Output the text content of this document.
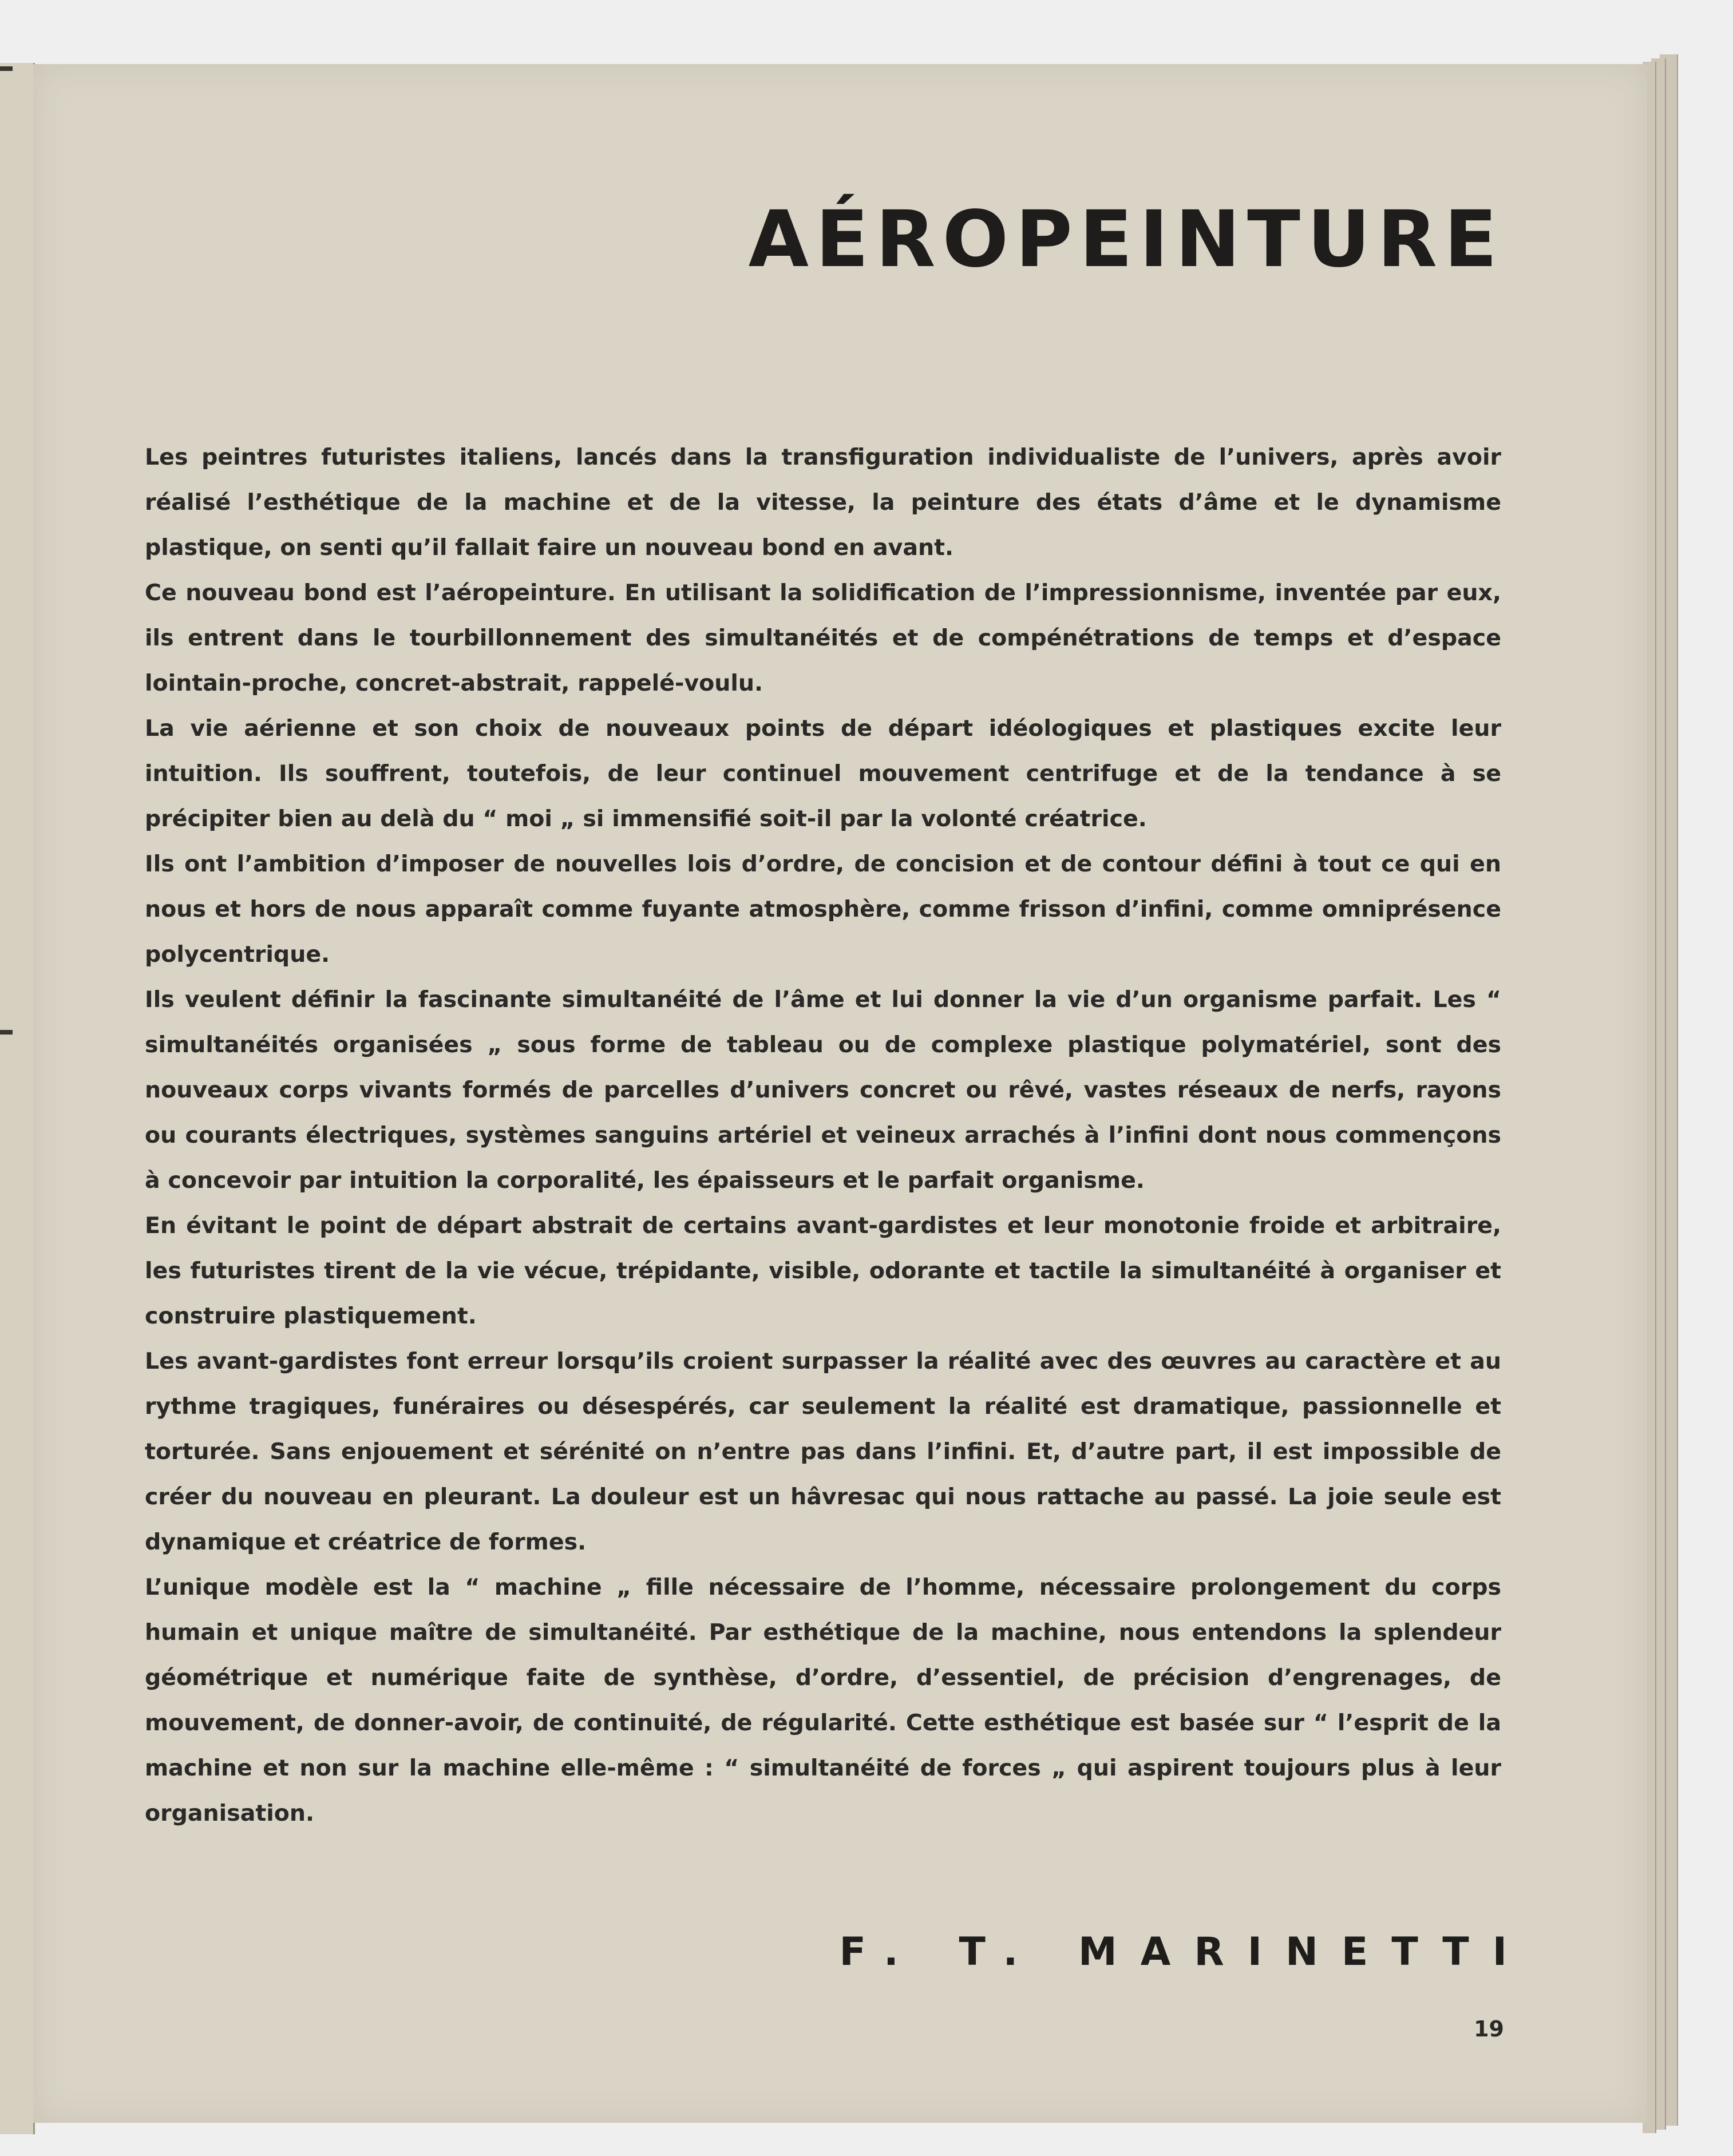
AÉROPEINTURE

Les peintres futuristes italiens, lancés dans la transfiguration individualiste de l’univers, après avoir réalisé l’esthétique de la machine et de la vitesse, la peinture des états d’âme et le dynamisme plastique, on senti qu’il fallait faire un nouveau bond en avant.

Ce nouveau bond est l’aéropeinture. En utilisant la solidification de l’impressionnisme, inventée par eux, ils entrent dans le tourbillonnement des simultanéités et de compénétrations de temps et d’espace lointain-proche, concret-abstrait, rappelé-voulu.

La vie aérienne et son choix de nouveaux points de départ idéologiques et plastiques excite leur intuition. Ils souffrent, toutefois, de leur continuel mouvement centrifuge et de la tendance à se précipiter bien au delà du “ moi „ si immensifié soit-il par la volonté créatrice.

Ils ont l’ambition d’imposer de nouvelles lois d’ordre, de concision et de contour défini à tout ce qui en nous et hors de nous apparaît comme fuyante atmosphère, comme frisson d’infini, comme omniprésence polycentrique.

Ils veulent définir la fascinante simultanéité de l’âme et lui donner la vie d’un organisme parfait. Les “ simultanéités organisées „ sous forme de tableau ou de complexe plastique polymatériel, sont des nouveaux corps vivants formés de parcelles d’univers concret ou rêvé, vastes réseaux de nerfs, rayons ou courants électriques, systèmes sanguins artériel et veineux arrachés à l’infini dont nous commençons à concevoir par intuition la corporalité, les épaisseurs et le parfait organisme.

En évitant le point de départ abstrait de certains avant-gardistes et leur monotonie froide et arbitraire, les futuristes tirent de la vie vécue, trépidante, visible, odorante et tactile la simultanéité à organiser et construire plastiquement.

Les avant-gardistes font erreur lorsqu’ils croient surpasser la réalité avec des œuvres au caractère et au rythme tragiques, funéraires ou désespérés, car seulement la réalité est dramatique, passionnelle et torturée. Sans enjouement et sérénité on n’entre pas dans l’infini. Et, d’autre part, il est impossible de créer du nouveau en pleurant. La douleur est un hâvresac qui nous rattache au passé. La joie seule est dynamique et créatrice de formes.

L’unique modèle est la “ machine „ fille nécessaire de l’homme, nécessaire prolongement du corps humain et unique maître de simultanéité. Par esthétique de la machine, nous entendons la splendeur géométrique et numérique faite de synthèse, d’ordre, d’essentiel, de précision d’engrenages, de mouvement, de donner-avoir, de continuité, de régularité. Cette esthétique est basée sur “ l’esprit de la machine et non sur la machine elle-même : “ simultanéité de forces „ qui aspirent toujours plus à leur organisation.

F. T. MARINETTI
19
